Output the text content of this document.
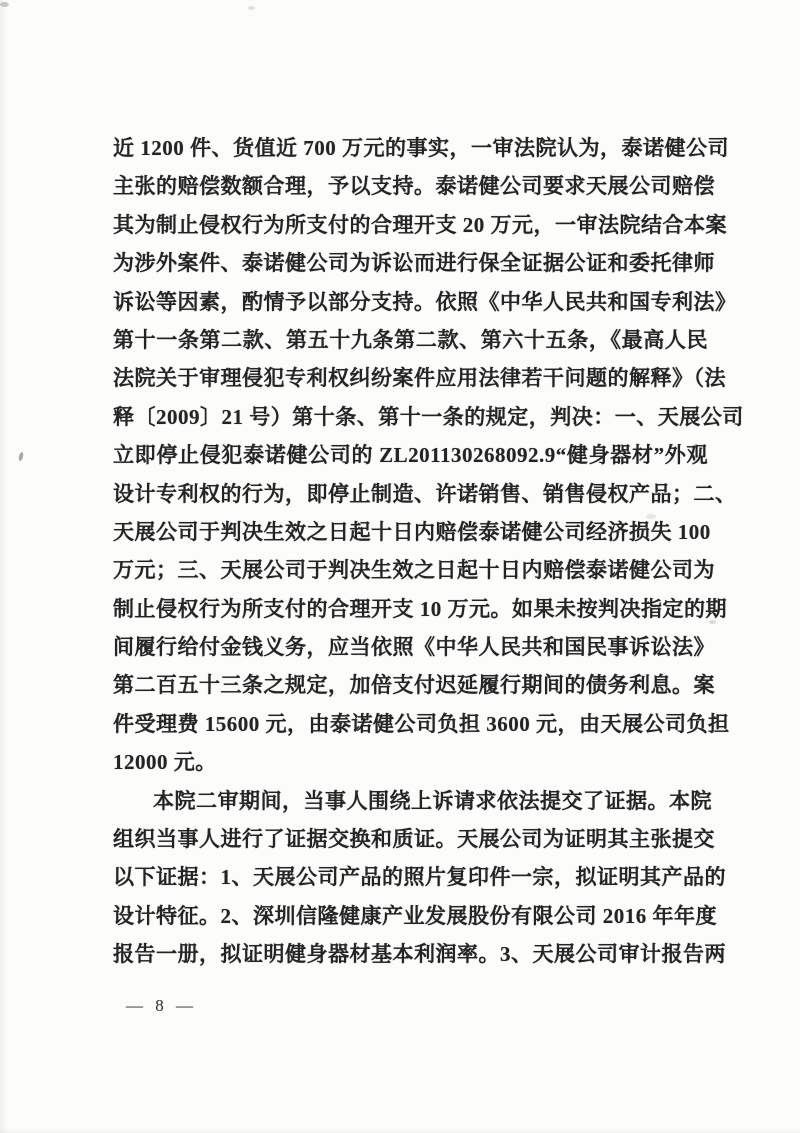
近 1200 件、货值近 700 万元的事实，一审法院认为，泰诺健公司
主张的赔偿数额合理，予以支持。泰诺健公司要求天展公司赔偿
其为制止侵权行为所支付的合理开支 20 万元，一审法院结合本案
为涉外案件、泰诺健公司为诉讼而进行保全证据公证和委托律师
诉讼等因素，酌情予以部分支持。依照《中华人民共和国专利法》
第十一条第二款、第五十九条第二款、第六十五条，《最高人民
法院关于审理侵犯专利权纠纷案件应用法律若干问题的解释》（法
释〔2009〕21 号）第十条、第十一条的规定，判决：一、天展公司
立即停止侵犯泰诺健公司的 ZL201130268092.9“健身器材”外观
设计专利权的行为，即停止制造、许诺销售、销售侵权产品；二、
天展公司于判决生效之日起十日内赔偿泰诺健公司经济损失 100
万元；三、天展公司于判决生效之日起十日内赔偿泰诺健公司为
制止侵权行为所支付的合理开支 10 万元。如果未按判决指定的期
间履行给付金钱义务，应当依照《中华人民共和国民事诉讼法》
第二百五十三条之规定，加倍支付迟延履行期间的债务利息。案
件受理费 15600 元，由泰诺健公司负担 3600 元，由天展公司负担
12000 元。
本院二审期间，当事人围绕上诉请求依法提交了证据。本院
组织当事人进行了证据交换和质证。天展公司为证明其主张提交
以下证据：1、天展公司产品的照片复印件一宗，拟证明其产品的
设计特征。2、深圳信隆健康产业发展股份有限公司 2016 年年度
报告一册，拟证明健身器材基本利润率。3、天展公司审计报告两
— 8 —
